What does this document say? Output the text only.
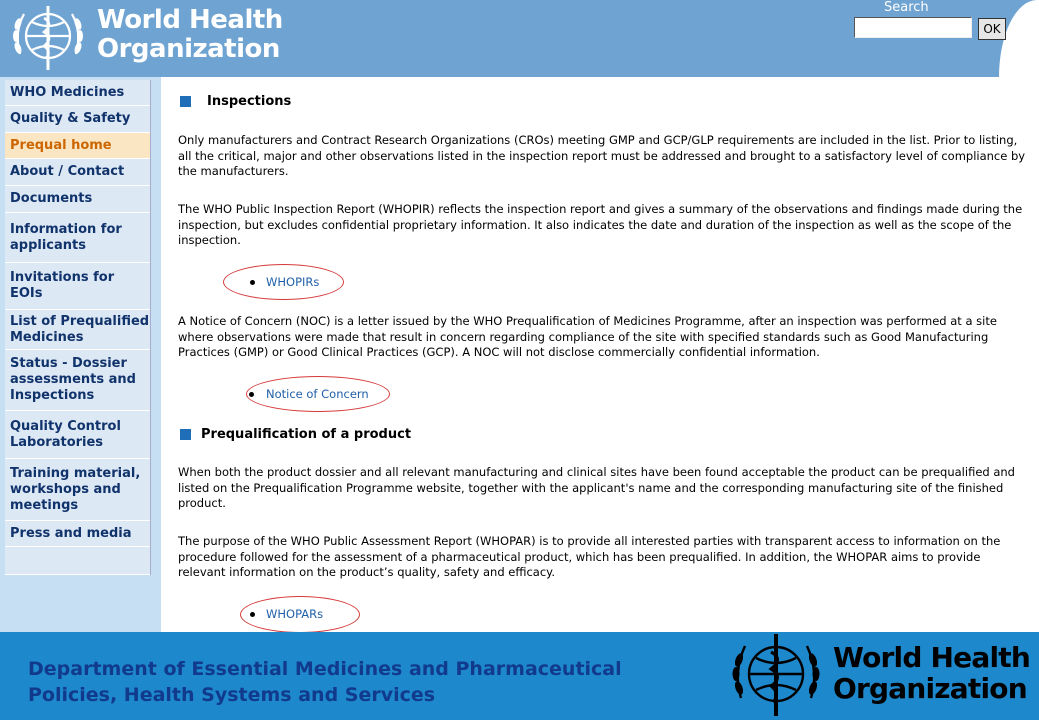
World Health
Organization
Search
OK
WHO Medicines
Quality & Safety
Prequal home
About / Contact
Documents
Information for applicants
Invitations for EOIs
List of Prequalified Medicines
Status - Dossier assessments and Inspections
Quality Control Laboratories
Training material, workshops and meetings
Press and media
Inspections
Only manufacturers and Contract Research Organizations (CROs) meeting GMP and GCP/GLP requirements are included in the list. Prior to listing, all the critical, major and other observations listed in the inspection report must be addressed and brought to a satisfactory level of compliance by the manufacturers.
The WHO Public Inspection Report (WHOPIR) reflects the inspection report and gives a summary of the observations and findings made during the inspection, but excludes confidential proprietary information. It also indicates the date and duration of the inspection as well as the scope of the inspection.
WHOPIRs
A Notice of Concern (NOC) is a letter issued by the WHO Prequalification of Medicines Programme, after an inspection was performed at a site where observations were made that result in concern regarding compliance of the site with specified standards such as Good Manufacturing Practices (GMP) or Good Clinical Practices (GCP). A NOC will not disclose commercially confidential information.
Notice of Concern
Prequalification of a product
When both the product dossier and all relevant manufacturing and clinical sites have been found acceptable the product can be prequalified and listed on the Prequalification Programme website, together with the applicant's name and the corresponding manufacturing site of the finished product.
The purpose of the WHO Public Assessment Report (WHOPAR) is to provide all interested parties with transparent access to information on the procedure followed for the assessment of a pharmaceutical product, which has been prequalified. In addition, the WHOPAR aims to provide relevant information on the product’s quality, safety and efficacy.
WHOPARs
Department of Essential Medicines and Pharmaceutical
Policies, Health Systems and Services
World Health
Organization
